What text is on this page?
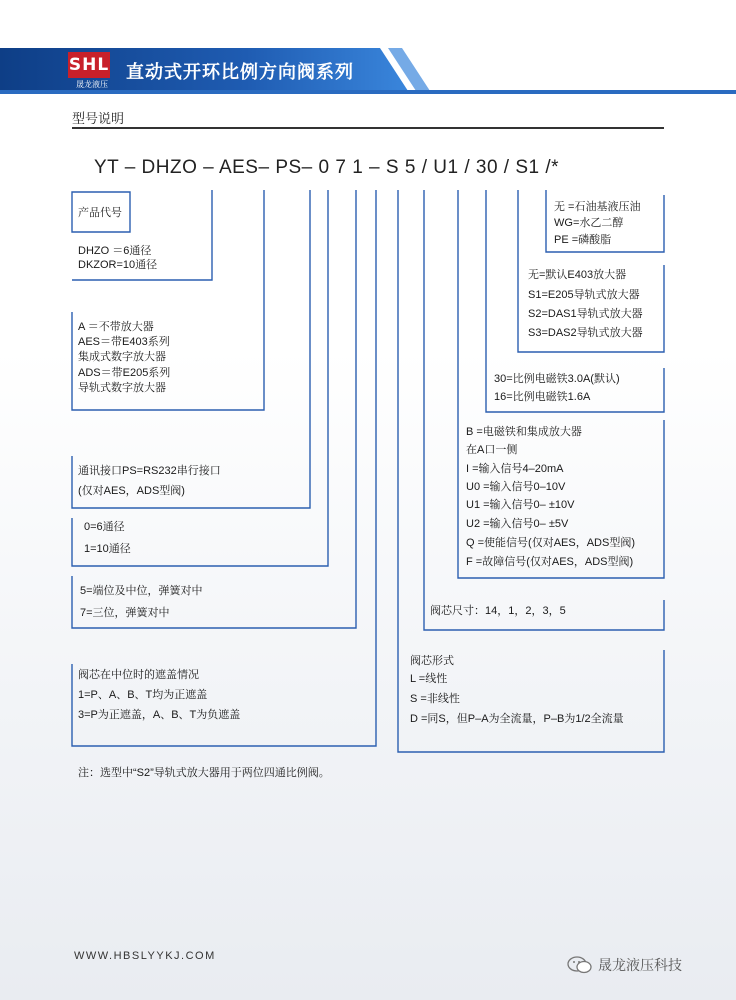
SHL
晟龙液压
直动式开环比例方向阀系列
型号说明
YT – DHZO – AES– PS– 0 7 1 – S 5 / U1 / 30 / S1 /*
产品代号
DHZO ＝6通径
DKZOR=10通径
A ＝不带放大器
AES＝带E403系列
集成式数字放大器
ADS＝带E205系列
导轨式数字放大器
通讯接口PS=RS232串行接口
(仅对AES，ADS型阀)
0=6通径
1=10通径
5=端位及中位，弹簧对中
7=三位，弹簧对中
阀芯在中位时的遮盖情况
1=P、A、B、T均为正遮盖
3=P为正遮盖，A、B、T为负遮盖
注：选型中“S2”导轨式放大器用于两位四通比例阀。
无 =石油基液压油
WG=水乙二醇
PE =磷酸脂
无=默认E403放大器
S1=E205导轨式放大器
S2=DAS1导轨式放大器
S3=DAS2导轨式放大器
30=比例电磁铁3.0A(默认)
16=比例电磁铁1.6A
B =电磁铁和集成放大器
在A口一侧
I =输入信号4–20mA
U0 =输入信号0–10V
U1 =输入信号0– ±10V
U2 =输入信号0– ±5V
Q =使能信号(仅对AES，ADS型阀)
F =故障信号(仅对AES，ADS型阀)
阀芯尺寸：14，1，2，3，5
阀芯形式
L =线性
S =非线性
D =同S，但P–A为全流量，P–B为1/2全流量
WWW.HBSLYYKJ.COM
晟龙液压科技
